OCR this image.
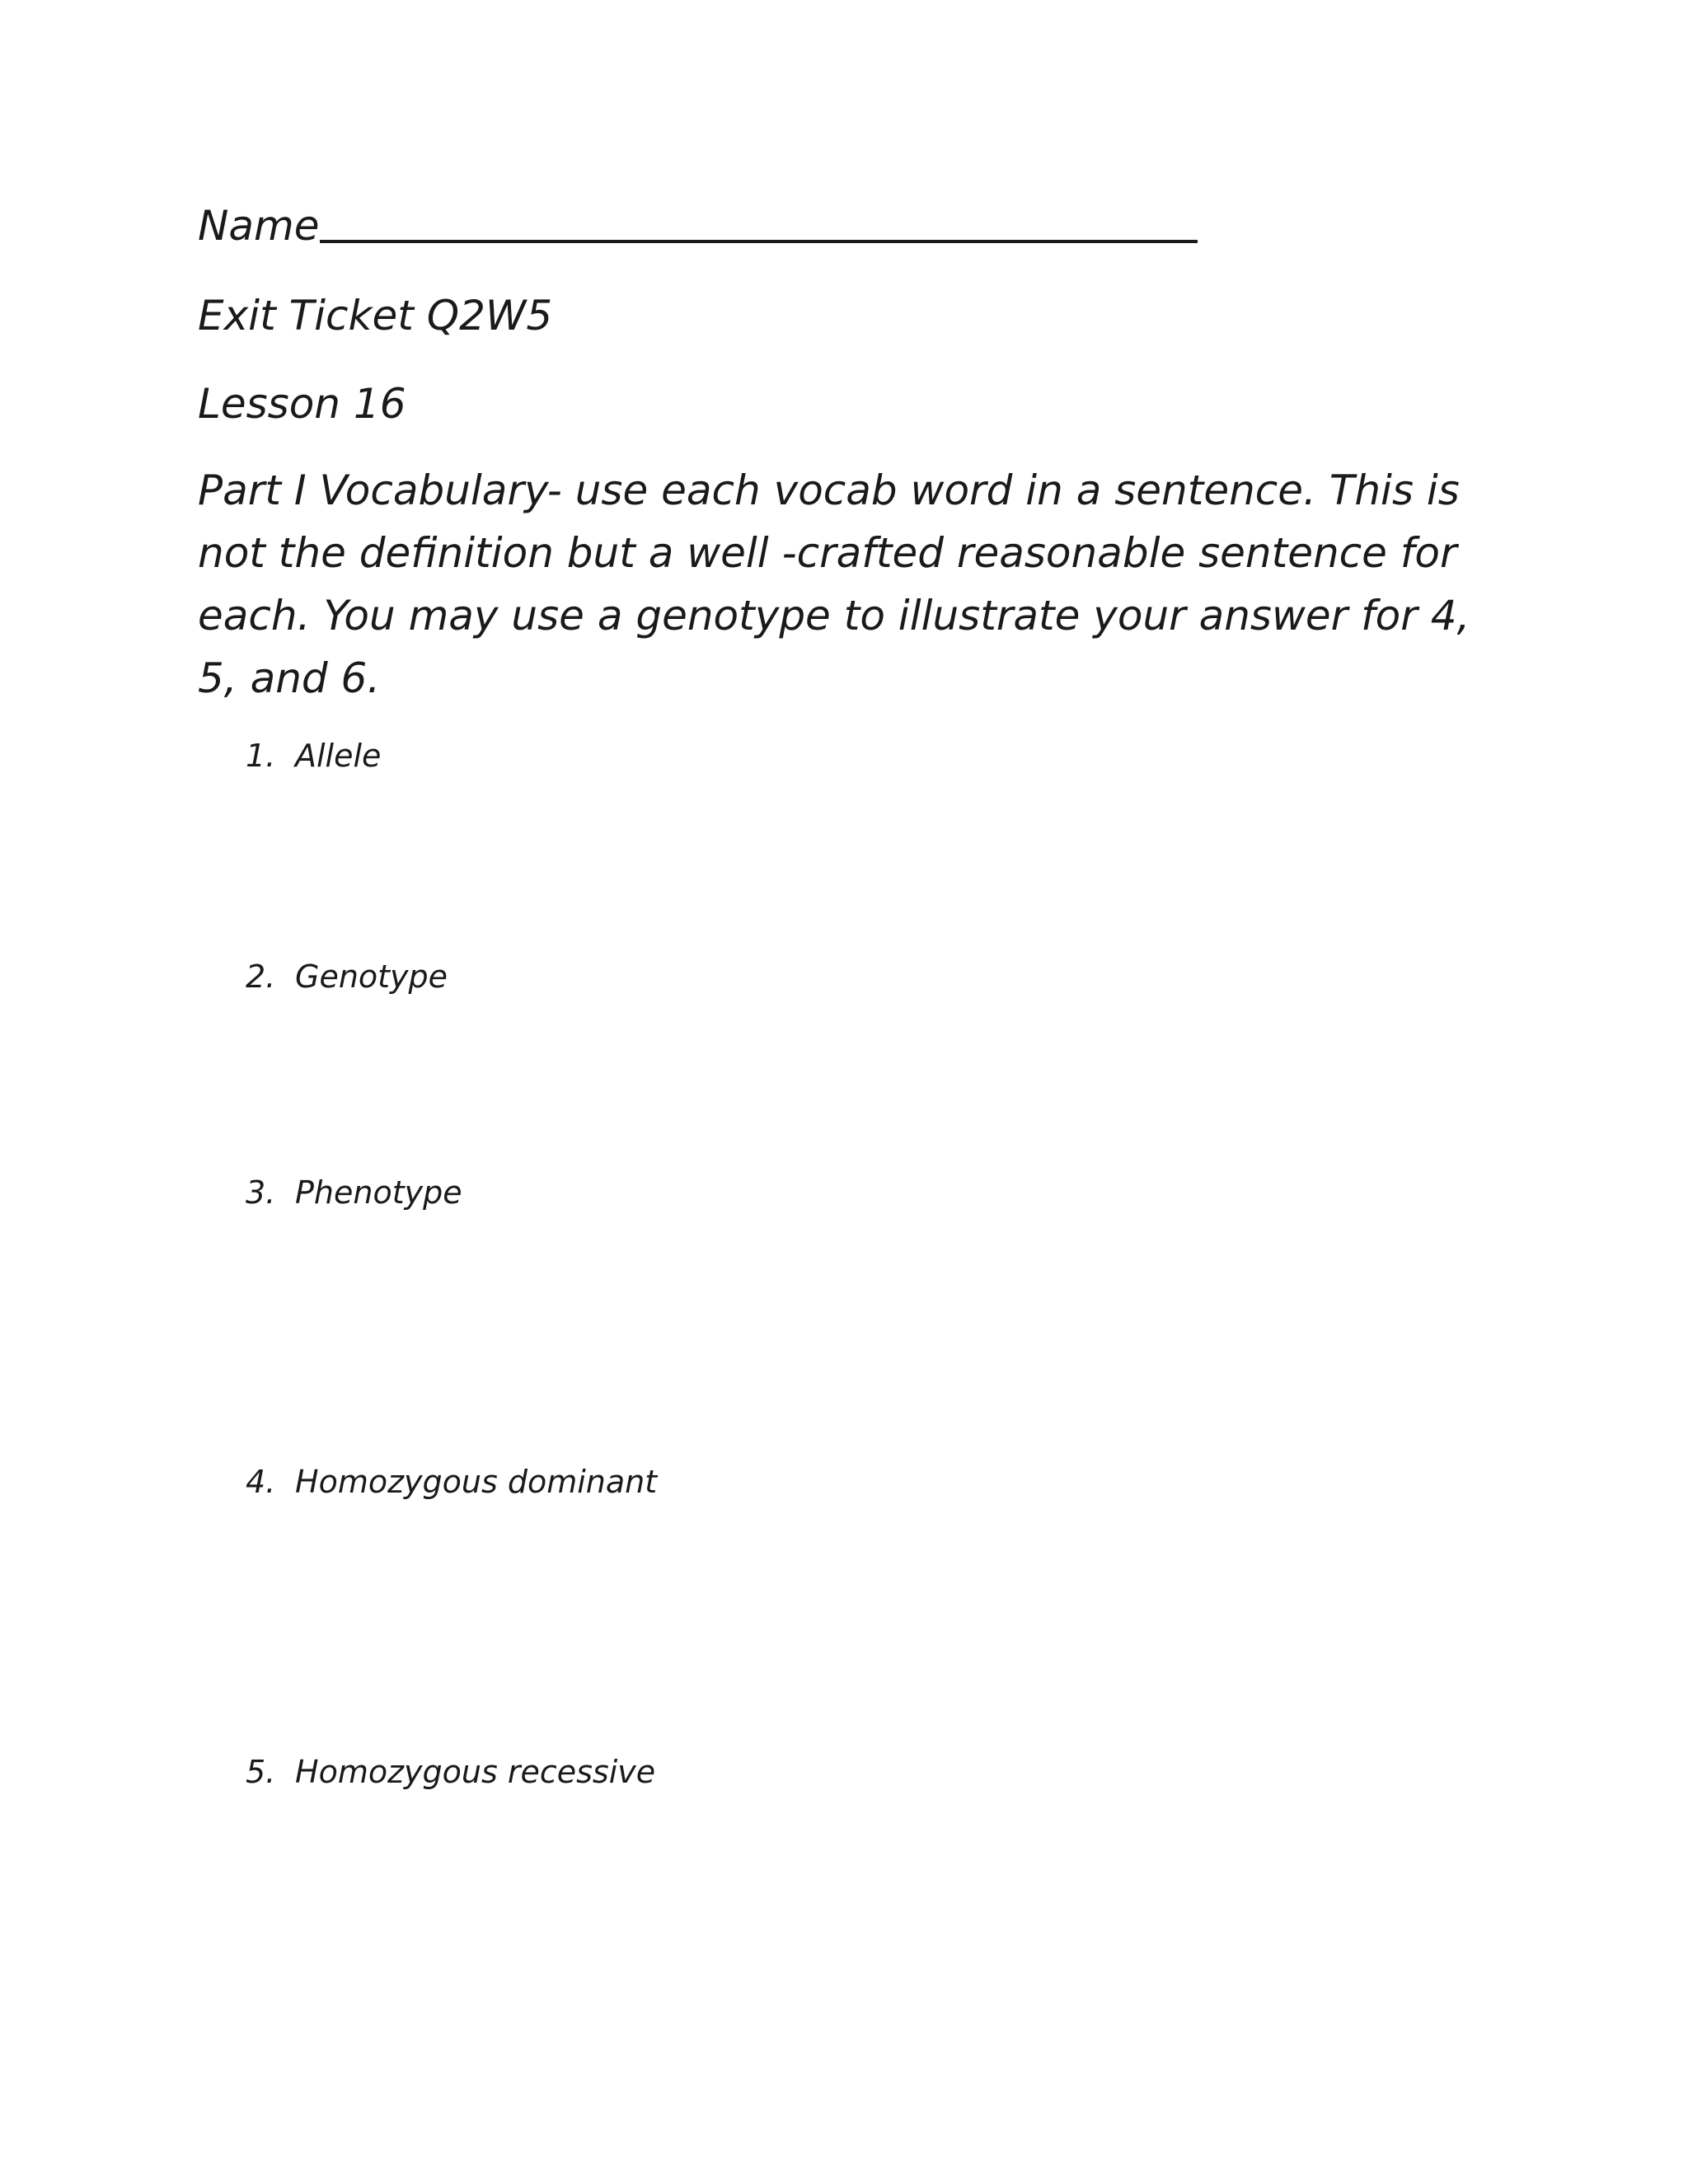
Name

Exit Ticket Q2W5

Lesson 16

Part I Vocabulary- use each vocab word in a sentence. This is not the definition but a well -crafted reasonable sentence for each. You may use a genotype to illustrate your answer for 4, 5, and 6.

1. Allele
2. Genotype
3. Phenotype
4. Homozygous dominant
5. Homozygous recessive
